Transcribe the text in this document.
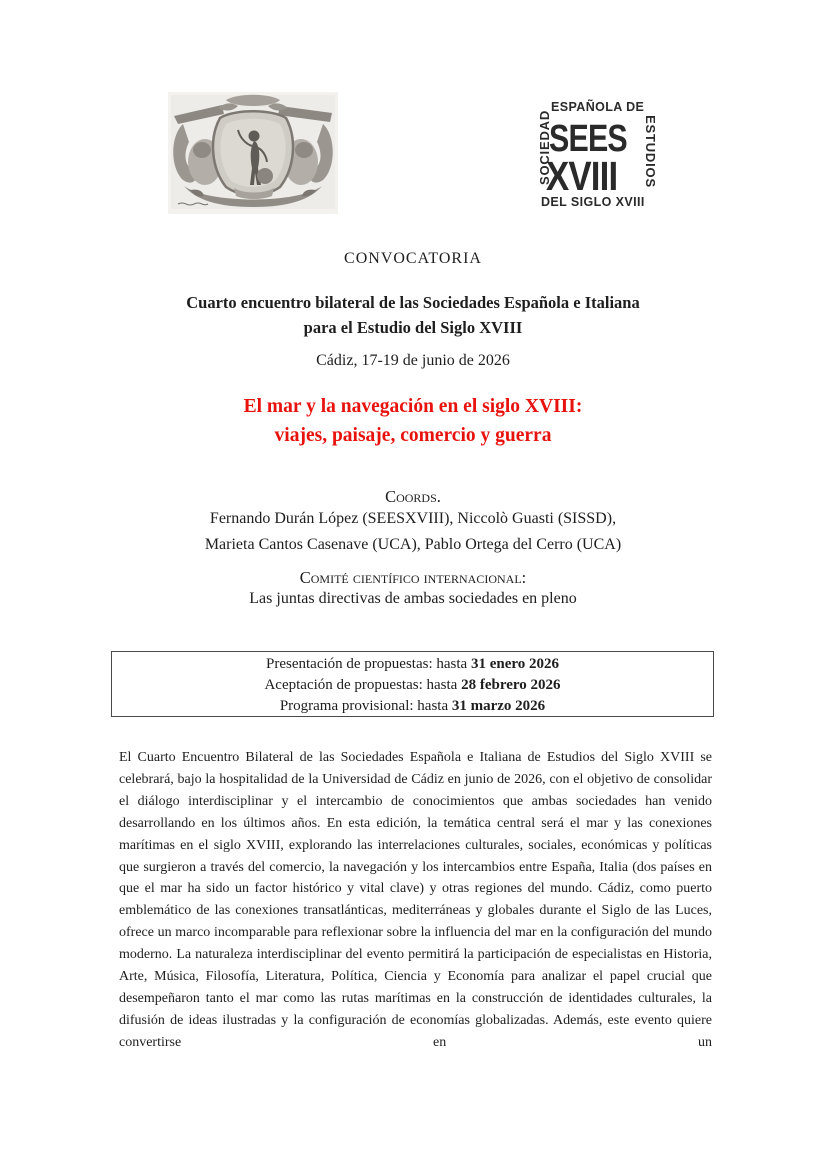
ESPAÑOLA DE
SOCIEDAD	ESTUDIOS
SEES
XVIII
DEL SIGLO XVIII
CONVOCATORIA
Cuarto encuentro bilateral de las Sociedades Española e Italiana
para el Estudio del Siglo XVIII
Cádiz, 17-19 de junio de 2026
El mar y la navegación en el siglo XVIII:
viajes, paisaje, comercio y guerra
Coords.
Fernando Durán López (SEESXVIII), Niccolò Guasti (SISSD),
Marieta Cantos Casenave (UCA), Pablo Ortega del Cerro (UCA)
Comité científico internacional:
Las juntas directivas de ambas sociedades en pleno
Presentación de propuestas: hasta 31 enero 2026
Aceptación de propuestas: hasta 28 febrero 2026
Programa provisional: hasta 31 marzo 2026
El Cuarto Encuentro Bilateral de las Sociedades Española e Italiana de Estudios del Siglo XVIII se celebrará, bajo la hospitalidad de la Universidad de Cádiz en junio de 2026, con el objetivo de consolidar el diálogo interdisciplinar y el intercambio de conocimientos que ambas sociedades han venido desarrollando en los últimos años. En esta edición, la temática central será el mar y las conexiones marítimas en el siglo XVIII, explorando las interrelaciones culturales, sociales, económicas y políticas que surgieron a través del comercio, la navegación y los intercambios entre España, Italia (dos países en que el mar ha sido un factor histórico y vital clave) y otras regiones del mundo. Cádiz, como puerto emblemático de las conexiones transatlánticas, mediterráneas y globales durante el Siglo de las Luces, ofrece un marco incomparable para reflexionar sobre la influencia del mar en la configuración del mundo moderno. La naturaleza interdisciplinar del evento permitirá la participación de especialistas en Historia, Arte, Música, Filosofía, Literatura, Política, Ciencia y Economía para analizar el papel crucial que desempeñaron tanto el mar como las rutas marítimas en la construcción de identidades culturales, la difusión de ideas ilustradas y la configuración de economías globalizadas. Además, este evento quiere convertirse en un
